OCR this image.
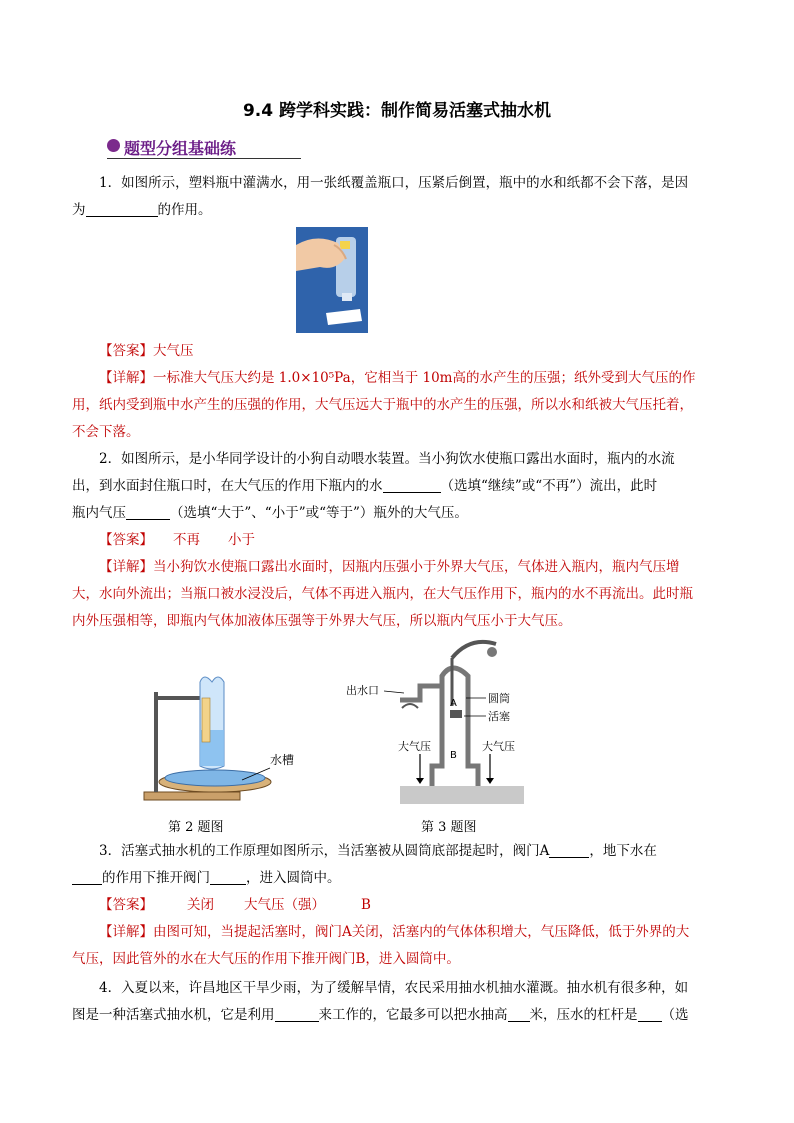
9.4 跨学科实践：制作简易活塞式抽水机
题型分组基础练
1．如图所示，塑料瓶中灌满水，用一张纸覆盖瓶口，压紧后倒置，瓶中的水和纸都不会下落，是因
为	的作用。
【答案】大气压
【详解】一标准大气压大约是 1.0×10⁵Pa，它相当于 10m高的水产生的压强；纸外受到大气压的作
用，纸内受到瓶中水产生的压强的作用，大气压远大于瓶中的水产生的压强，所以水和纸被大气压托着，
不会下落。
2．如图所示，是小华同学设计的小狗自动喂水装置。当小狗饮水使瓶口露出水面时，瓶内的水流
出，到水面封住瓶口时，在大气压的作用下瓶内的水	（选填“继续”或“不再”）流出，此时
瓶内气压	（选填“大于”、“小于”或“等于”）瓶外的大气压。
【答案】 不再 小于
【详解】当小狗饮水使瓶口露出水面时，因瓶内压强小于外界大气压，气体进入瓶内，瓶内气压增
大，水向外流出；当瓶口被水浸没后，气体不再进入瓶内，在大气压作用下，瓶内的水不再流出。此时瓶
内外压强相等，即瓶内气体加液体压强等于外界大气压，所以瓶内气压小于大气压。
水槽
第 2 题图
出水口
圆筒
活塞
A
B
大气压	大气压
第 3 题图
3．活塞式抽水机的工作原理如图所示，当活塞被从圆筒底部提起时，阀门A	，地下水在
的作用下推开阀门	，进入圆筒中。
【答案】	关闭 大气压（强）	B
【详解】由图可知，当提起活塞时，阀门A关闭，活塞内的气体体积增大，气压降低，低于外界的大
气压，因此管外的水在大气压的作用下推开阀门B，进入圆筒中。
4．入夏以来，许昌地区干旱少雨，为了缓解旱情，农民采用抽水机抽水灌溉。抽水机有很多种，如
图是一种活塞式抽水机，它是利用	来工作的，它最多可以把水抽高 米，压水的杠杆是 （选
